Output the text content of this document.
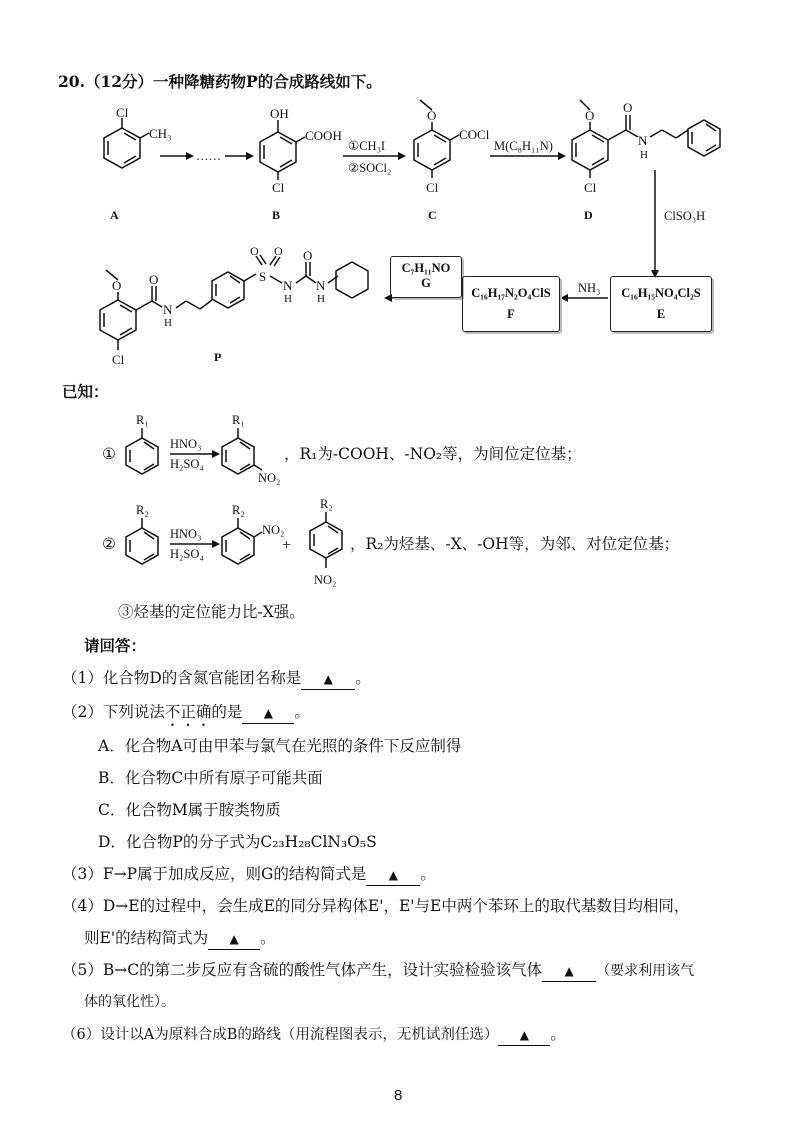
20.（12分）一种降糖药物P的合成路线如下。
Cl
CH₃
OH
COOH
Cl
O
COCl
Cl
O
O
N
H
Cl
O O
N
H
Cl
S
O O
N
H
O
N
H
……
①CH₃I
②SOCl₂
M(C₈H₁₁N)
ClSO₃H
NH₃
A	B	C	D
P
C₇H₁₁NO
G
C₁₆H₁₇N₂O₄ClS
F
C₁₆H₁₅NO₄Cl₂S
E
已知：
R₁	R₁
NO₂
HNO₃
H₂SO₄
R₂	R₂
NO₂
R₂
NO₂
HNO₃
H₂SO₄	+
①	，R₁为-COOH、-NO₂等，为间位定位基；
②	，R₂为烃基、-X、-OH等，为邻、对位定位基；
③烃基的定位能力比-X强。
请回答：
（1）化合物D的含氮官能团名称是 ▲ 。
（2）下列说法不正确的是 ▲ 。
A．化合物A可由甲苯与氯气在光照的条件下反应制得
B．化合物C中所有原子可能共面
C．化合物M属于胺类物质
D．化合物P的分子式为C₂₃H₂₈ClN₃O₅S
（3）F→P属于加成反应，则G的结构简式是 ▲ 。
（4）D→E的过程中，会生成E的同分异构体E'，E'与E中两个苯环上的取代基数目均相同，
则E'的结构简式为 ▲ 。
（5）B→C的第二步反应有含硫的酸性气体产生，设计实验检验该气体 ▲ （要求利用该气
体的氧化性）。
（6）设计以A为原料合成B的路线（用流程图表示，无机试剂任选） ▲ 。
8
